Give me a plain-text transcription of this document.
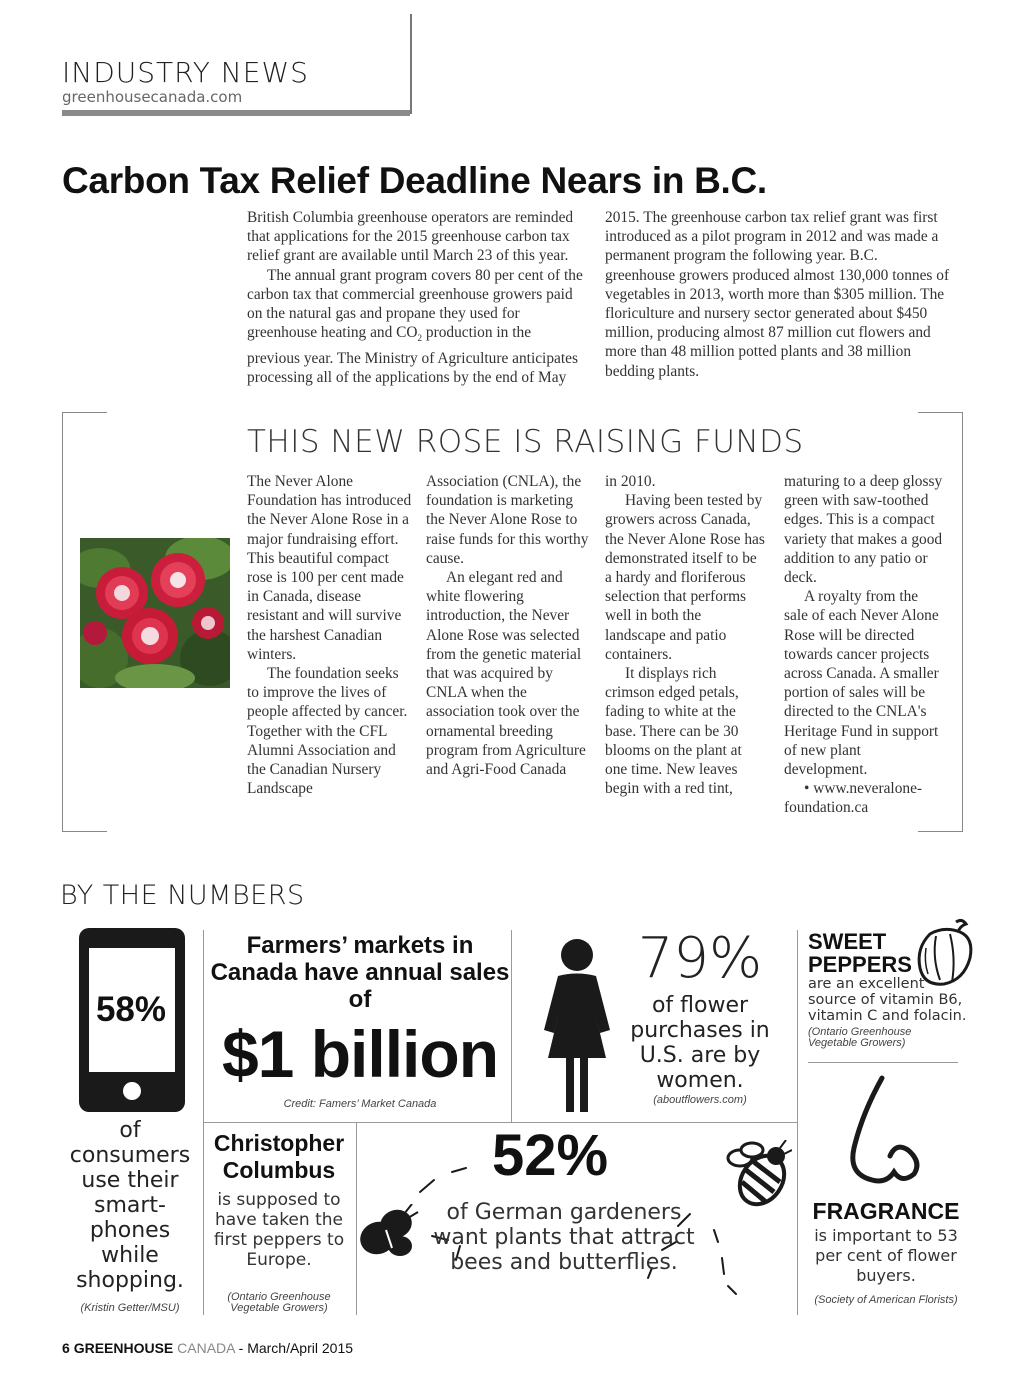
INDUSTRY NEWS
greenhousecanada.com
Carbon Tax Relief Deadline Nears in B.C.

British Columbia greenhouse operators are reminded that applications for the 2015 greenhouse carbon tax relief grant are available until March 23 of this year.

The annual grant program covers 80 per cent of the carbon tax that commercial greenhouse growers paid on the natural gas and propane they used for greenhouse heating and $CO_2$ production in the previous year. The Ministry of Agriculture anticipates processing all of the applications by the end of May

2015. The greenhouse carbon tax relief grant was first introduced as a pilot program in 2012 and was made a permanent program the following year. B.C. greenhouse growers produced almost 130,000 tonnes of vegetables in 2013, worth more than $305 million. The floriculture and nursery sector generated about $450 million, producing almost 87 million cut flowers and more than 48 million potted plants and 38 million bedding plants.

THIS NEW ROSE IS RAISING FUNDS

The Never Alone Foundation has introduced the Never Alone Rose in a major fundraising effort. This beautiful compact rose is 100 per cent made in Canada, disease resistant and will survive the harshest Canadian winters.

The foundation seeks to improve the lives of people affected by cancer. Together with the CFL Alumni Association and the Canadian Nursery Landscape

Association (CNLA), the foundation is marketing the Never Alone Rose to raise funds for this worthy cause.

An elegant red and white flowering introduction, the Never Alone Rose was selected from the genetic material that was acquired by CNLA when the association took over the ornamental breeding program from Agriculture and Agri-Food Canada

in 2010.

Having been tested by growers across Canada, the Never Alone Rose has demonstrated itself to be a hardy and floriferous selection that performs well in both the landscape and patio containers.

It displays rich crimson edged petals, fading to white at the base. There can be 30 blooms on the plant at one time. New leaves begin with a red tint,

maturing to a deep glossy green with saw-toothed edges. This is a compact variety that makes a good addition to any patio or deck.

A royalty from the sale of each Never Alone Rose will be directed towards cancer projects across Canada. A smaller portion of sales will be directed to the CNLA's Heritage Fund in support of new plant development.

• www.neveralone-foundation.ca

BY THE NUMBERS
58%
of consumers use their smart-phones while shopping.
(Kristin Getter/MSU)
Farmers’ markets in Canada have annual sales of
$1 billion
Credit: Famers’ Market Canada
79%
of flower purchases in U.S. are by women.
(aboutflowers.com)
SWEET PEPPERS
are an excellent source of vitamin B6, vitamin C and folacin.
(Ontario Greenhouse Vegetable Growers)
Christopher Columbus
is supposed to have taken the first peppers to Europe.
(Ontario Greenhouse Vegetable Growers)
52%
of German gardeners want plants that attract bees and butterflies.
FRAGRANCE
is important to 53 per cent of flower buyers.
(Society of American Florists)
6 GREENHOUSE CANADA - March/April 2015
